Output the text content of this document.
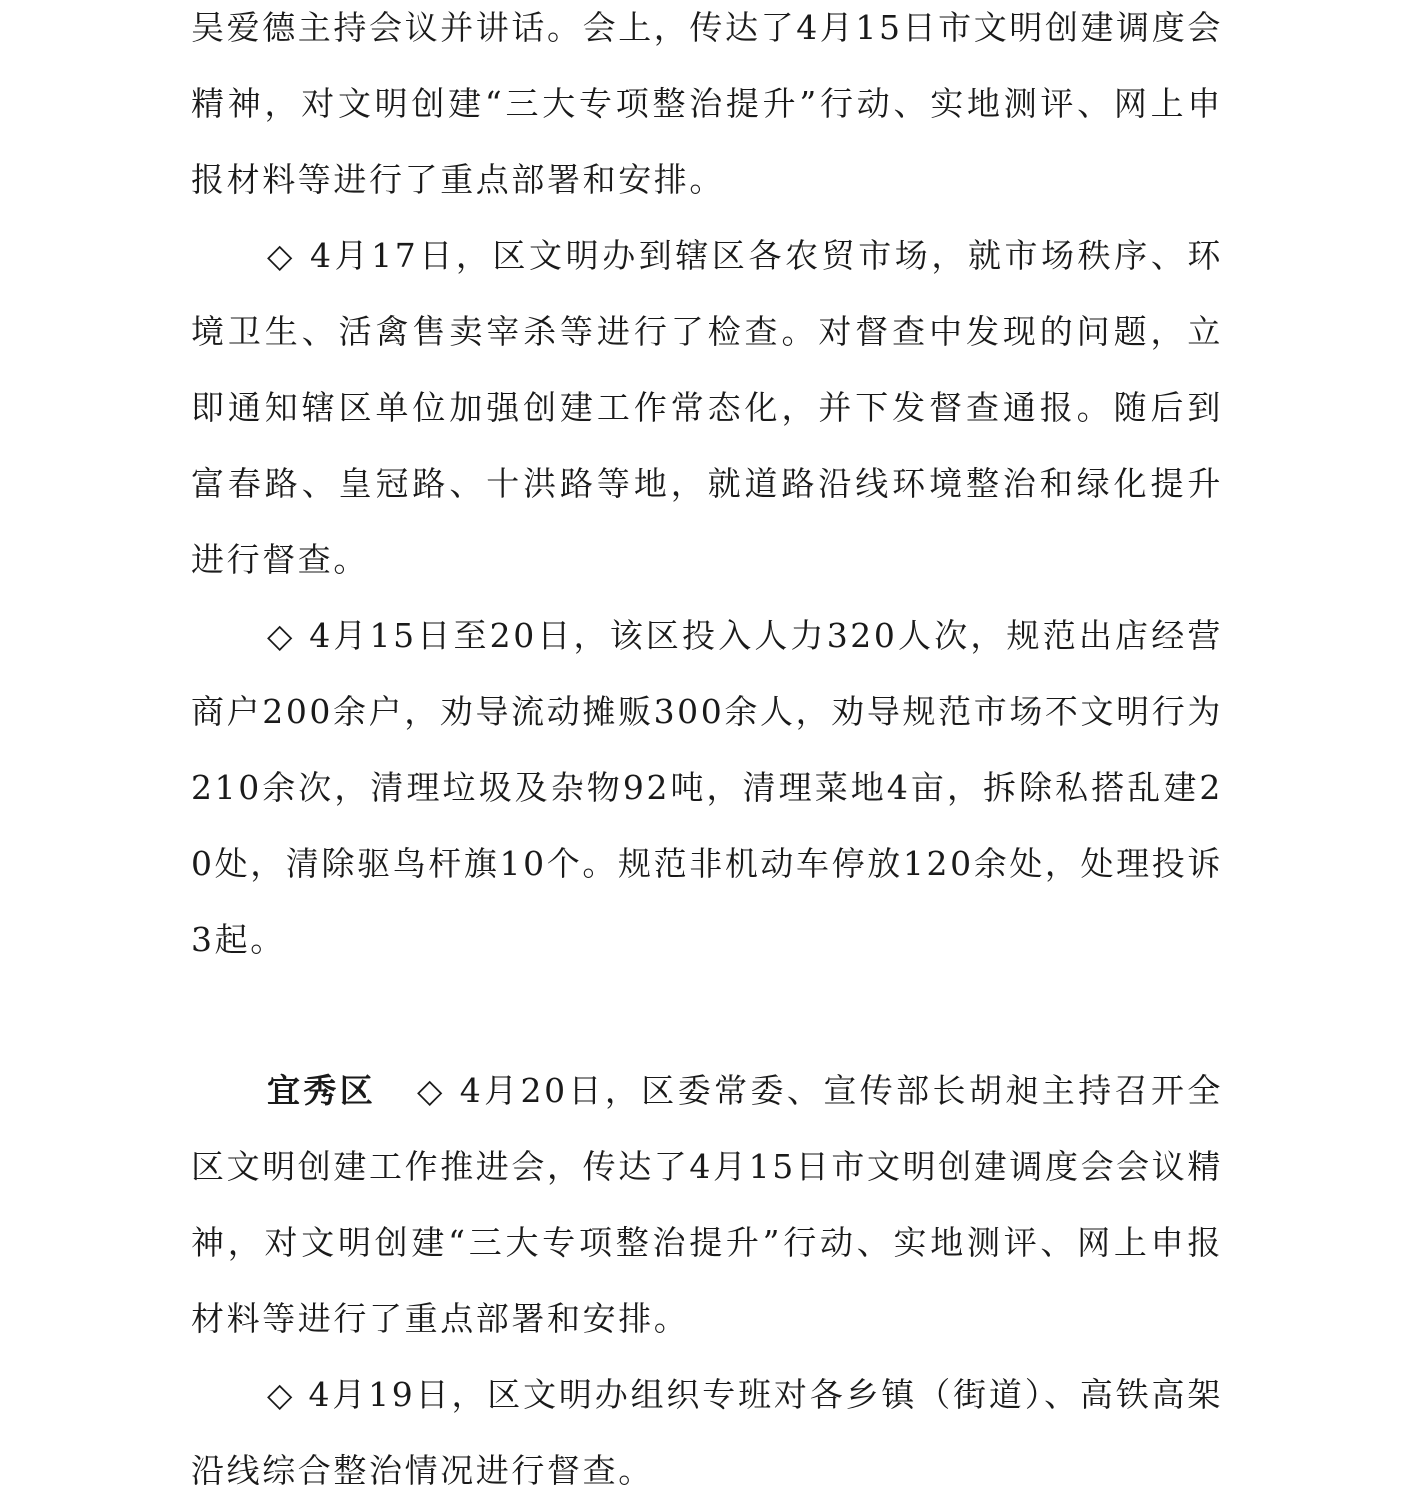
吴爱德主持会议并讲话。会上，传达了4月15日市文明创建调度会精神，对文明创建“三大专项整治提升”行动、实地测评、网上申报材料等进行了重点部署和安排。

◇ 4月17日，区文明办到辖区各农贸市场，就市场秩序、环境卫生、活禽售卖宰杀等进行了检查。对督查中发现的问题，立即通知辖区单位加强创建工作常态化，并下发督查通报。随后到富春路、皇冠路、十洪路等地，就道路沿线环境整治和绿化提升进行督查。

◇ 4月15日至20日，该区投入人力320人次，规范出店经营商户200余户，劝导流动摊贩300余人，劝导规范市场不文明行为210余次，清理垃圾及杂物92吨，清理菜地4亩，拆除私搭乱建20处，清除驱鸟杆旗10个。规范非机动车停放120余处，处理投诉3起。

宜秀区 ◇ 4月20日，区委常委、宣传部长胡昶主持召开全区文明创建工作推进会，传达了4月15日市文明创建调度会会议精神，对文明创建“三大专项整治提升”行动、实地测评、网上申报材料等进行了重点部署和安排。

◇ 4月19日，区文明办组织专班对各乡镇（街道）、高铁高架沿线综合整治情况进行督查。
